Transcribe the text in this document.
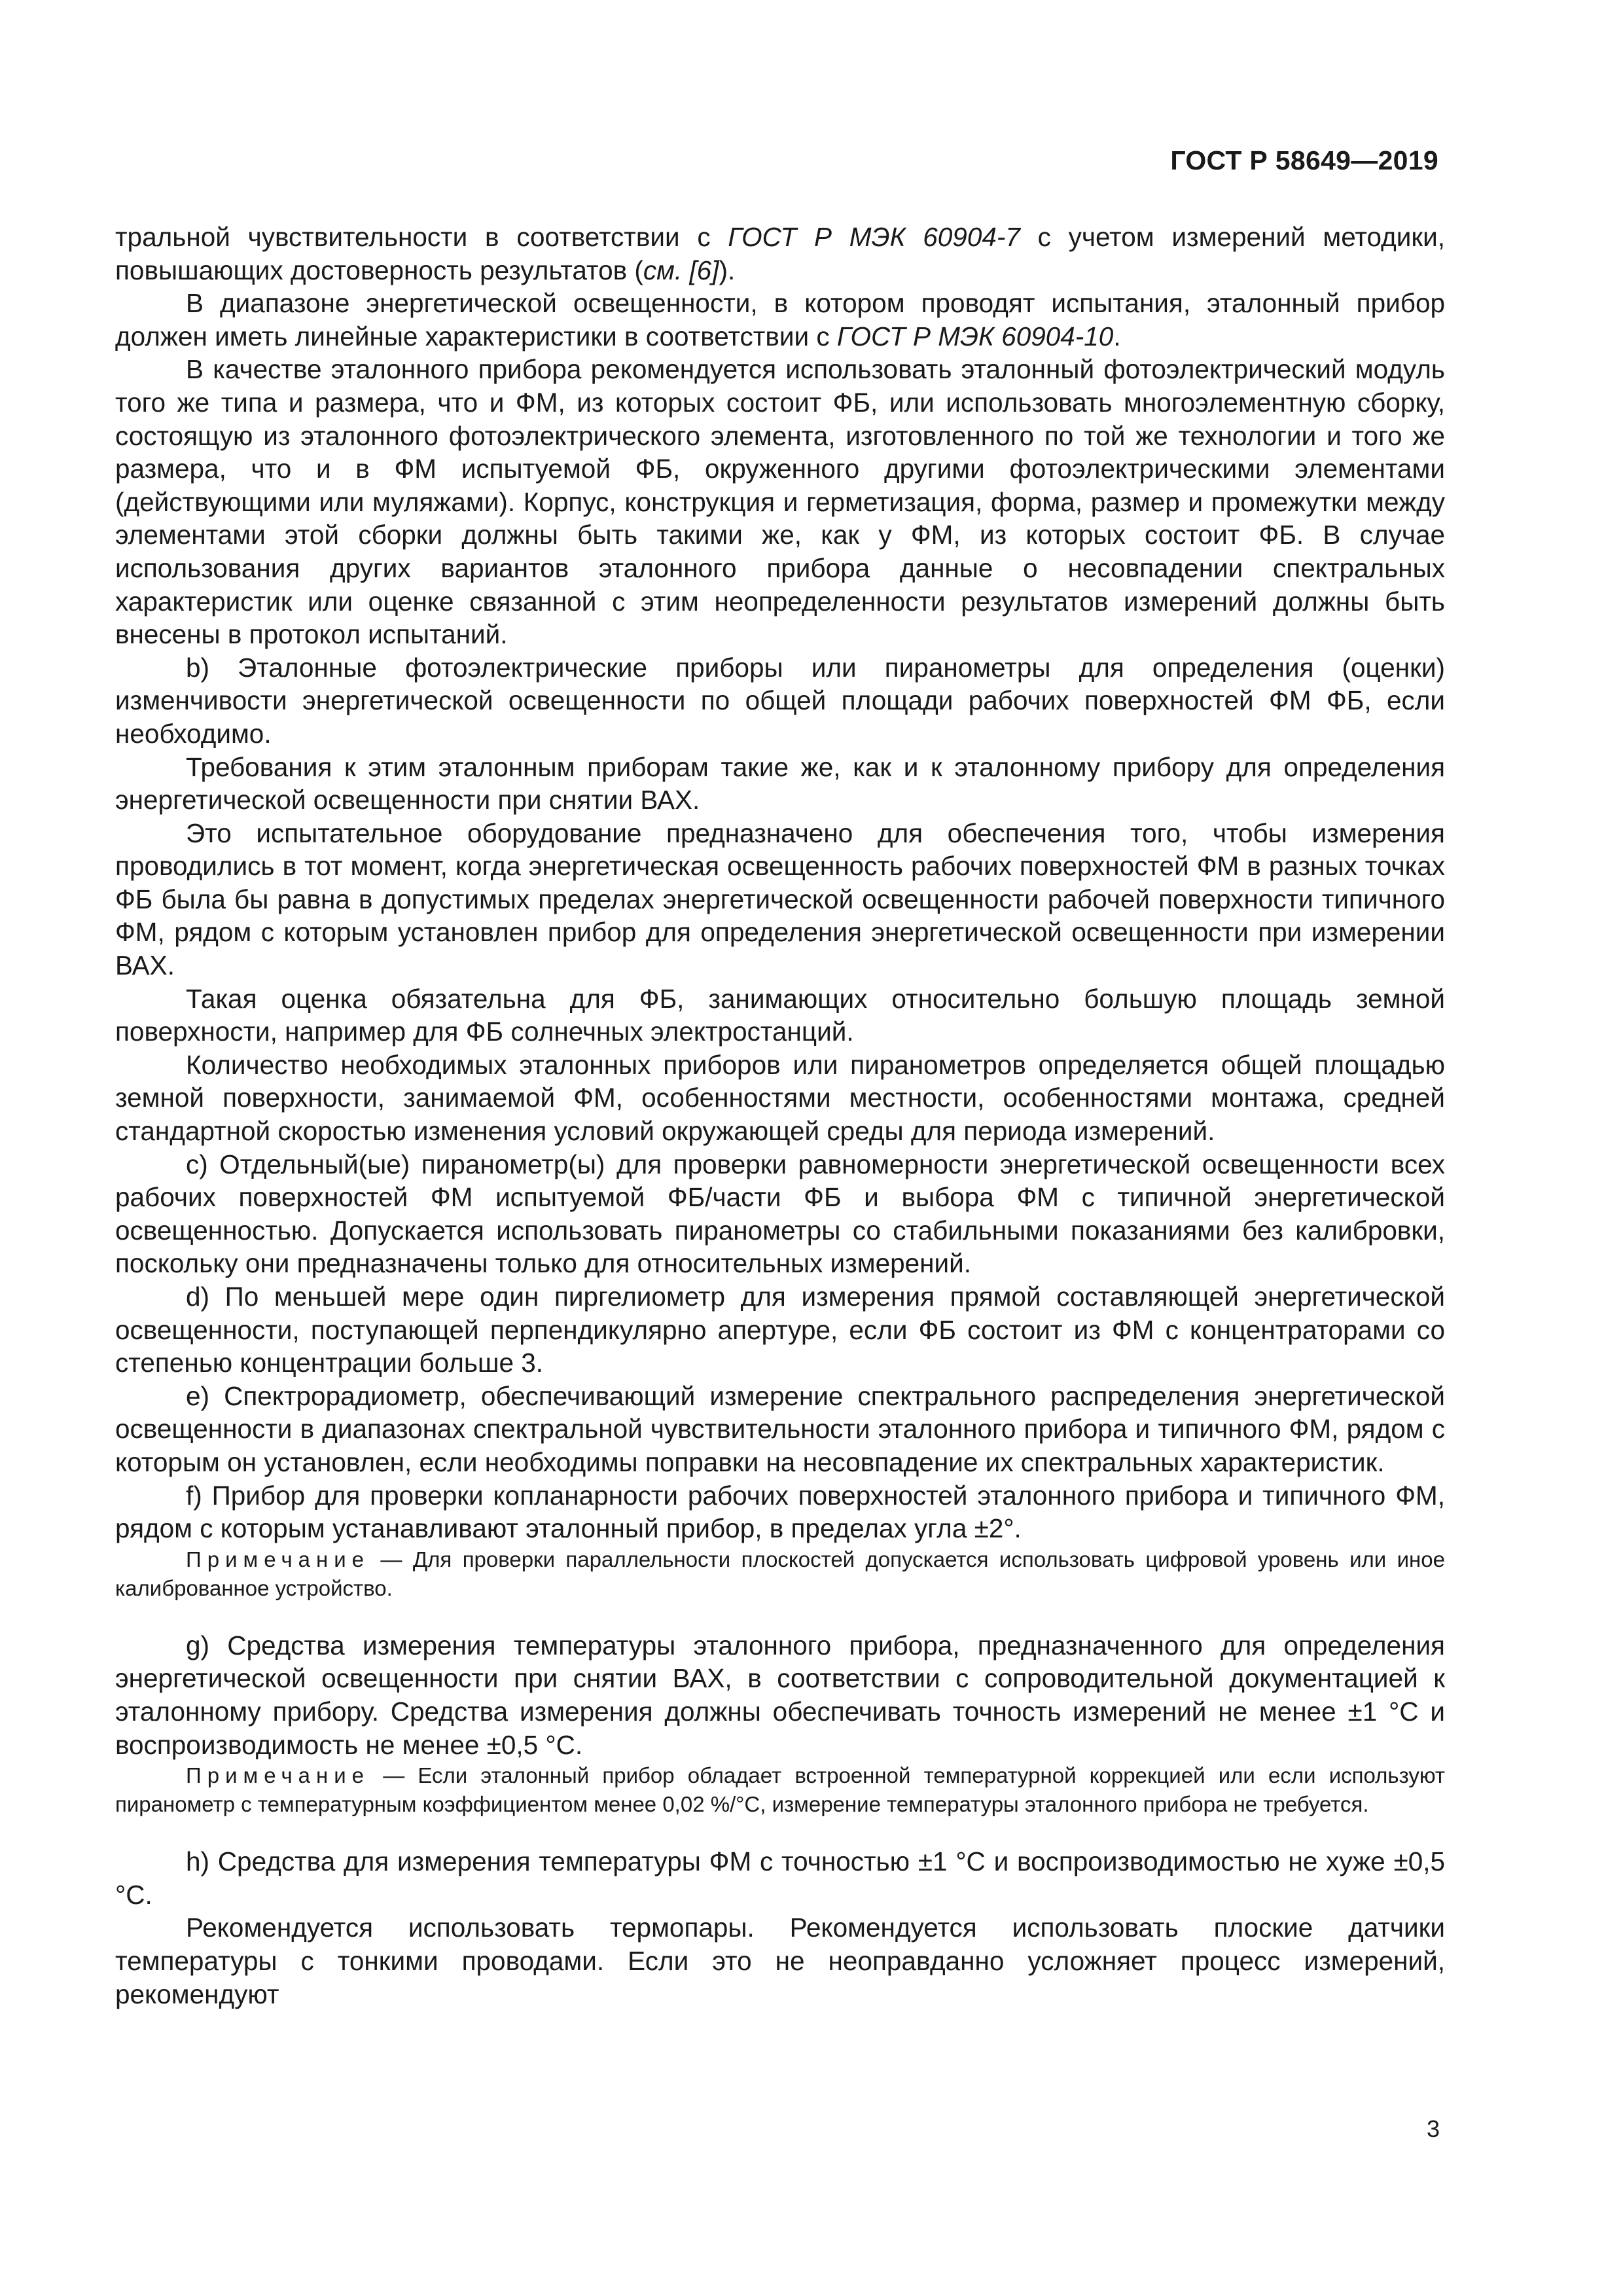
ГОСТ Р 58649—2019

тральной чувствительности в соответствии с ГОСТ Р МЭК 60904-7 с учетом измерений методики, повышающих достоверность результатов (см. [6]).

В диапазоне энергетической освещенности, в котором проводят испытания, эталонный прибор должен иметь линейные характеристики в соответствии с ГОСТ Р МЭК 60904-10.

В качестве эталонного прибора рекомендуется использовать эталонный фотоэлектрический модуль того же типа и размера, что и ФМ, из которых состоит ФБ, или использовать многоэлементную сборку, состоящую из эталонного фотоэлектрического элемента, изготовленного по той же технологии и того же размера, что и в ФМ испытуемой ФБ, окруженного другими фотоэлектрическими элементами (действующими или муляжами). Корпус, конструкция и герметизация, форма, размер и промежутки между элементами этой сборки должны быть такими же, как у ФМ, из которых состоит ФБ. В случае использования других вариантов эталонного прибора данные о несовпадении спектральных характеристик или оценке связанной с этим неопределенности результатов измерений должны быть внесены в протокол испытаний.

b) Эталонные фотоэлектрические приборы или пиранометры для определения (оценки) изменчивости энергетической освещенности по общей площади рабочих поверхностей ФМ ФБ, если необходимо.

Требования к этим эталонным приборам такие же, как и к эталонному прибору для определения энергетической освещенности при снятии ВАХ.

Это испытательное оборудование предназначено для обеспечения того, чтобы измерения проводились в тот момент, когда энергетическая освещенность рабочих поверхностей ФМ в разных точках ФБ была бы равна в допустимых пределах энергетической освещенности рабочей поверхности типичного ФМ, рядом с которым установлен прибор для определения энергетической освещенности при измерении ВАХ.

Такая оценка обязательна для ФБ, занимающих относительно большую площадь земной поверхности, например для ФБ солнечных электростанций.

Количество необходимых эталонных приборов или пиранометров определяется общей площадью земной поверхности, занимаемой ФМ, особенностями местности, особенностями монтажа, средней стандартной скоростью изменения условий окружающей среды для периода измерений.

c) Отдельный(ые) пиранометр(ы) для проверки равномерности энергетической освещенности всех рабочих поверхностей ФМ испытуемой ФБ/части ФБ и выбора ФМ с типичной энергетической освещенностью. Допускается использовать пиранометры со стабильными показаниями без калибровки, поскольку они предназначены только для относительных измерений.

d) По меньшей мере один пиргелиометр для измерения прямой составляющей энергетической освещенности, поступающей перпендикулярно апертуре, если ФБ состоит из ФМ с концентраторами со степенью концентрации больше 3.

e) Спектрорадиометр, обеспечивающий измерение спектрального распределения энергетической освещенности в диапазонах спектральной чувствительности эталонного прибора и типичного ФМ, рядом с которым он установлен, если необходимы поправки на несовпадение их спектральных характеристик.

f) Прибор для проверки копланарности рабочих поверхностей эталонного прибора и типичного ФМ, рядом с которым устанавливают эталонный прибор, в пределах угла ±2°.

Примечание — Для проверки параллельности плоскостей допускается использовать цифровой уровень или иное калиброванное устройство.

g) Средства измерения температуры эталонного прибора, предназначенного для определения энергетической освещенности при снятии ВАХ, в соответствии с сопроводительной документацией к эталонному прибору. Средства измерения должны обеспечивать точность измерений не менее ±1 °C и воспроизводимость не менее ±0,5 °C.

Примечание — Если эталонный прибор обладает встроенной температурной коррекцией или если используют пиранометр с температурным коэффициентом менее 0,02 %/°C, измерение температуры эталонного прибора не требуется.

h) Средства для измерения температуры ФМ с точностью ±1 °C и воспроизводимостью не хуже ±0,5 °C.

Рекомендуется использовать термопары. Рекомендуется использовать плоские датчики температуры с тонкими проводами. Если это не неоправданно усложняет процесс измерений, рекомендуют

3
